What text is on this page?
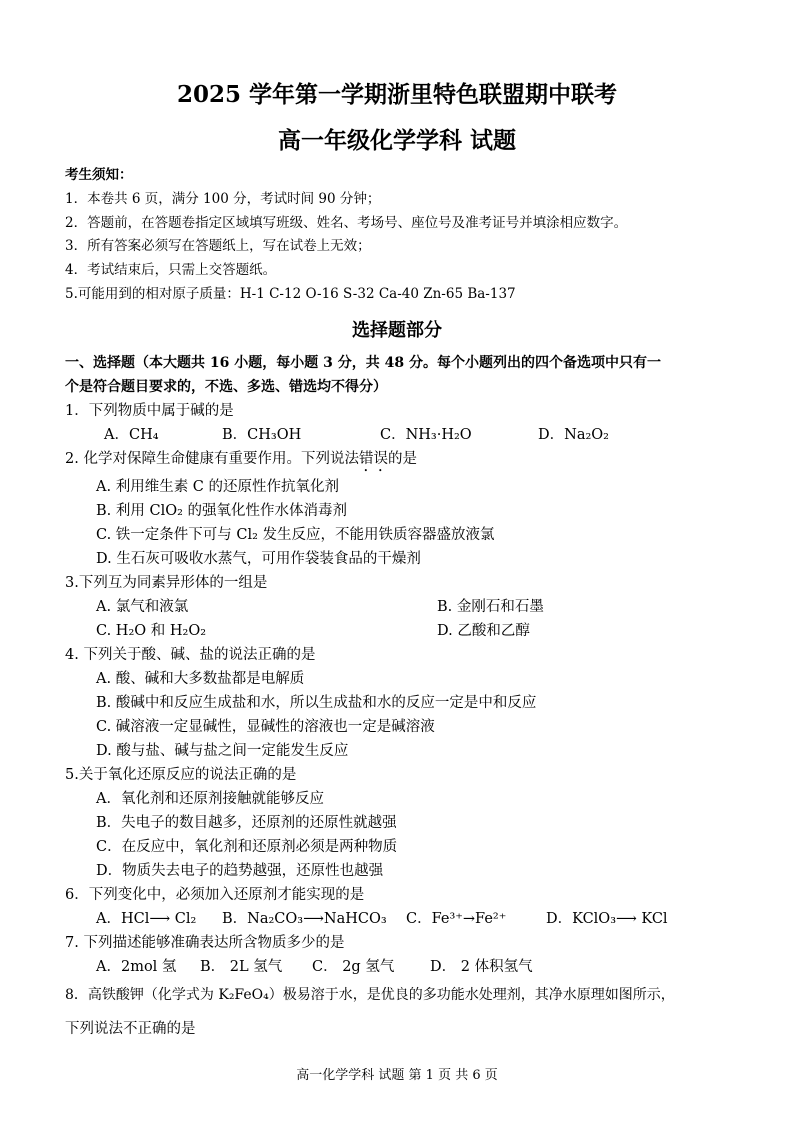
2025 学年第一学期浙里特色联盟期中联考
高一年级化学学科 试题
考生须知：
1．本卷共 6 页，满分 100 分，考试时间 90 分钟；
2．答题前，在答题卷指定区域填写班级、姓名、考场号、座位号及准考证号并填涂相应数字。
3．所有答案必须写在答题纸上，写在试卷上无效；
4．考试结束后，只需上交答题纸。
5.可能用到的相对原子质量：H-1 C-12 O-16 S-32 Ca-40 Zn-65 Ba-137
选择题部分
一、选择题（本大题共 16 小题，每小题 3 分，共 48 分。每个小题列出的四个备选项中只有一
个是符合题目要求的，不选、多选、错选均不得分）
1．下列物质中属于碱的是
A．CH₄	B．CH₃OH	C．NH₃·H₂O	D．Na₂O₂
2. 化学对保障生命健康有重要作用。下列说法错误的是
A. 利用维生素 C 的还原性作抗氧化剂
B. 利用 ClO₂ 的强氧化性作水体消毒剂
C. 铁一定条件下可与 Cl₂ 发生反应，不能用铁质容器盛放液氯
D. 生石灰可吸收水蒸气，可用作袋装食品的干燥剂
3.下列互为同素异形体的一组是
A. 氯气和液氯	B. 金刚石和石墨
C. H₂O 和 H₂O₂	D. 乙酸和乙醇
4. 下列关于酸、碱、盐的说法正确的是
A. 酸、碱和大多数盐都是电解质
B. 酸碱中和反应生成盐和水，所以生成盐和水的反应一定是中和反应
C. 碱溶液一定显碱性，显碱性的溶液也一定是碱溶液
D. 酸与盐、碱与盐之间一定能发生反应
5.关于氧化还原反应的说法正确的是
A．氧化剂和还原剂接触就能够反应
B．失电子的数目越多，还原剂的还原性就越强
C．在反应中，氧化剂和还原剂必须是两种物质
D．物质失去电子的趋势越强，还原性也越强
6．下列变化中，必须加入还原剂才能实现的是
A．HCl⟶ Cl₂ B．Na₂CO₃⟶NaHCO₃ C．Fe³⁺→Fe²⁺	D．KClO₃⟶ KCl
7. 下列描述能够准确表达所含物质多少的是
A．2mol 氢 B． 2L 氢气 C． 2g 氢气 D． 2 体积氢气
8．高铁酸钾（化学式为 K₂FeO₄）极易溶于水，是优良的多功能水处理剂，其净水原理如图所示，
下列说法不正确的是
高一化学学科 试题 第 1 页 共 6 页
